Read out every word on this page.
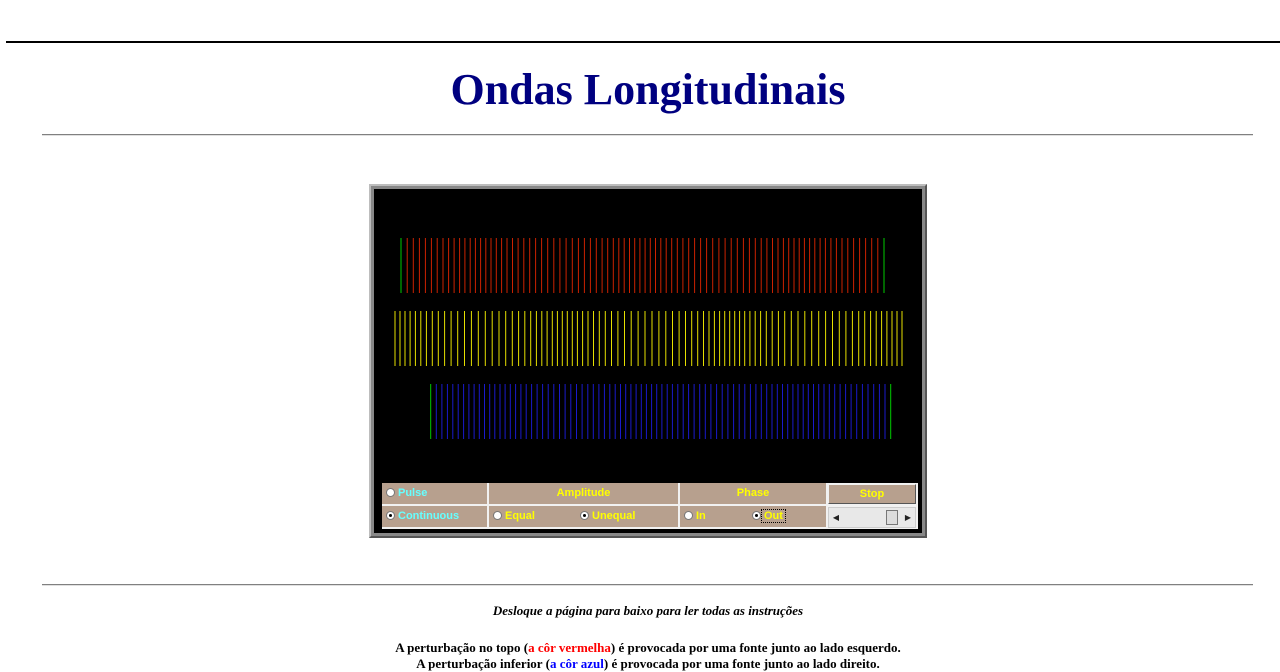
Ondas Longitudinais
Pulse	Amplitude	Phase	Stop
Continuous	Equal	Unequal	In	Out	◀	▶
Desloque a página para baixo para ler todas as instruções
A perturbação no topo (a côr vermelha) é provocada por uma fonte junto ao lado esquerdo.
A perturbação inferior (a côr azul) é provocada por uma fonte junto ao lado direito.
